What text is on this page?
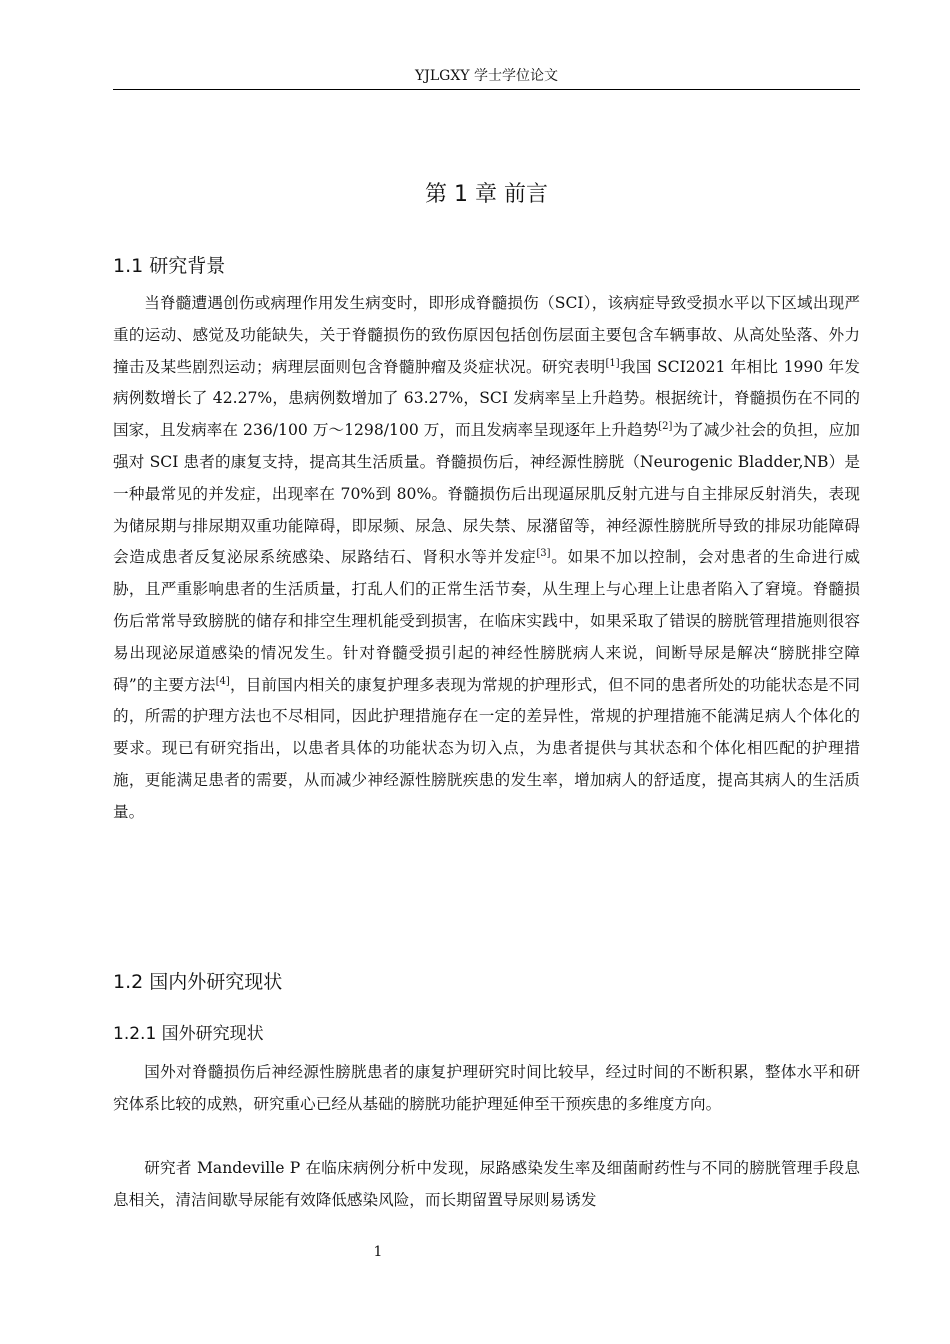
YJLGXY 学士学位论文
第 1 章 前言
1.1 研究背景

当脊髓遭遇创伤或病理作用发生病变时，即形成脊髓损伤（SCI），该病症导致受损水平以下区域出现严重的运动、感觉及功能缺失，关于脊髓损伤的致伤原因包括创伤层面主要包含车辆事故、从高处坠落、外力撞击及某些剧烈运动；病理层面则包含脊髓肿瘤及炎症状况。研究表明[1]我国 SCI2021 年相比 1990 年发病例数增长了 42.27%，患病例数增加了 63.27%，SCI 发病率呈上升趋势。根据统计，脊髓损伤在不同的国家，且发病率在 236/100 万～1298/100 万，而且发病率呈现逐年上升趋势[2]为了减少社会的负担，应加强对 SCI 患者的康复支持，提高其生活质量。脊髓损伤后，神经源性膀胱（Neurogenic Bladder,NB）是一种最常见的并发症，出现率在 70%到 80%。脊髓损伤后出现逼尿肌反射亢进与自主排尿反射消失，表现为储尿期与排尿期双重功能障碍，即尿频、尿急、尿失禁、尿潴留等，神经源性膀胱所导致的排尿功能障碍会造成患者反复泌尿系统感染、尿路结石、肾积水等并发症[3]。如果不加以控制，会对患者的生命进行威胁，且严重影响患者的生活质量，打乱人们的正常生活节奏，从生理上与心理上让患者陷入了窘境。脊髓损伤后常常导致膀胱的储存和排空生理机能受到损害，在临床实践中，如果采取了错误的膀胱管理措施则很容易出现泌尿道感染的情况发生。针对脊髓受损引起的神经性膀胱病人来说，间断导尿是解决“膀胱排空障碍”的主要方法[4]，目前国内相关的康复护理多表现为常规的护理形式，但不同的患者所处的功能状态是不同的，所需的护理方法也不尽相同，因此护理措施存在一定的差异性，常规的护理措施不能满足病人个体化的要求。现已有研究指出，以患者具体的功能状态为切入点，为患者提供与其状态和个体化相匹配的护理措施，更能满足患者的需要，从而减少神经源性膀胱疾患的发生率，增加病人的舒适度，提高其病人的生活质量。

1.2 国内外研究现状
1.2.1 国外研究现状

国外对脊髓损伤后神经源性膀胱患者的康复护理研究时间比较早，经过时间的不断积累，整体水平和研究体系比较的成熟，研究重心已经从基础的膀胱功能护理延伸至干预疾患的多维度方向。

研究者 Mandeville P 在临床病例分析中发现，尿路感染发生率及细菌耐药性与不同的膀胱管理手段息息相关，清洁间歇导尿能有效降低感染风险，而长期留置导尿则易诱发

1
